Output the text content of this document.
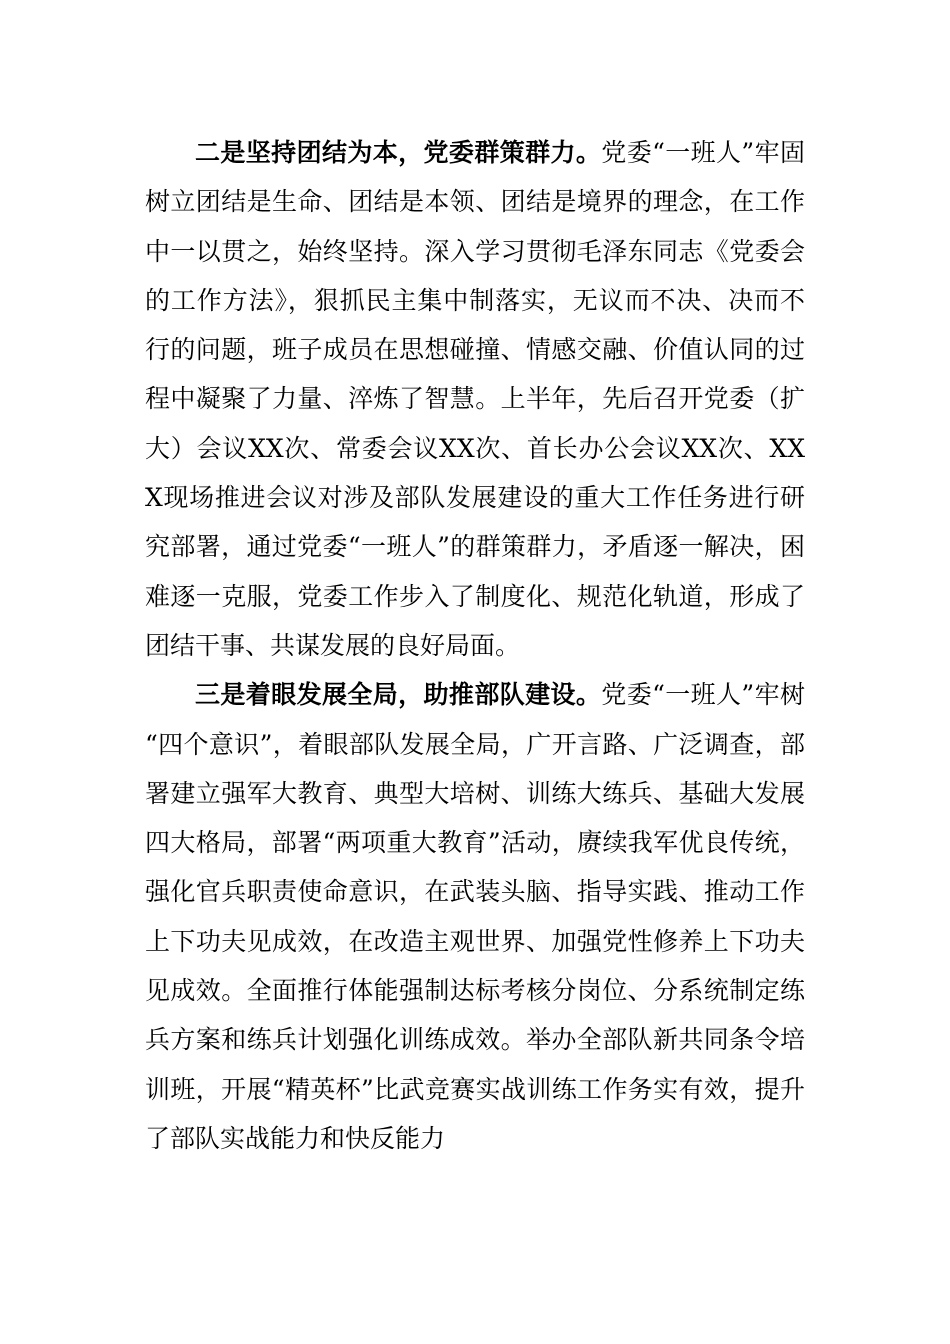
二是坚持团结为本，党委群策群力。党委“一班人”牢固树立团结是生命、团结是本领、团结是境界的理念，在工作中一以贯之，始终坚持。深入学习贯彻毛泽东同志《党委会的工作方法》，狠抓民主集中制落实，无议而不决、决而不行的问题，班子成员在思想碰撞、情感交融、价值认同的过程中凝聚了力量、淬炼了智慧。上半年，先后召开党委（扩大）会议XX次、常委会议XX次、首长办公会议XX次、XXX现场推进会议对涉及部队发展建设的重大工作任务进行研究部署，通过党委“一班人”的群策群力，矛盾逐一解决，困难逐一克服，党委工作步入了制度化、规范化轨道，形成了团结干事、共谋发展的良好局面。

三是着眼发展全局，助推部队建设。党委“一班人”牢树“四个意识”，着眼部队发展全局，广开言路、广泛调查，部署建立强军大教育、典型大培树、训练大练兵、基础大发展四大格局，部署“两项重大教育”活动，赓续我军优良传统，强化官兵职责使命意识，在武装头脑、指导实践、推动工作上下功夫见成效，在改造主观世界、加强党性修养上下功夫见成效。全面推行体能强制达标考核分岗位、分系统制定练兵方案和练兵计划强化训练成效。举办全部队新共同条令培训班，开展“精英杯”比武竞赛实战训练工作务实有效，提升了部队实战能力和快反能力
